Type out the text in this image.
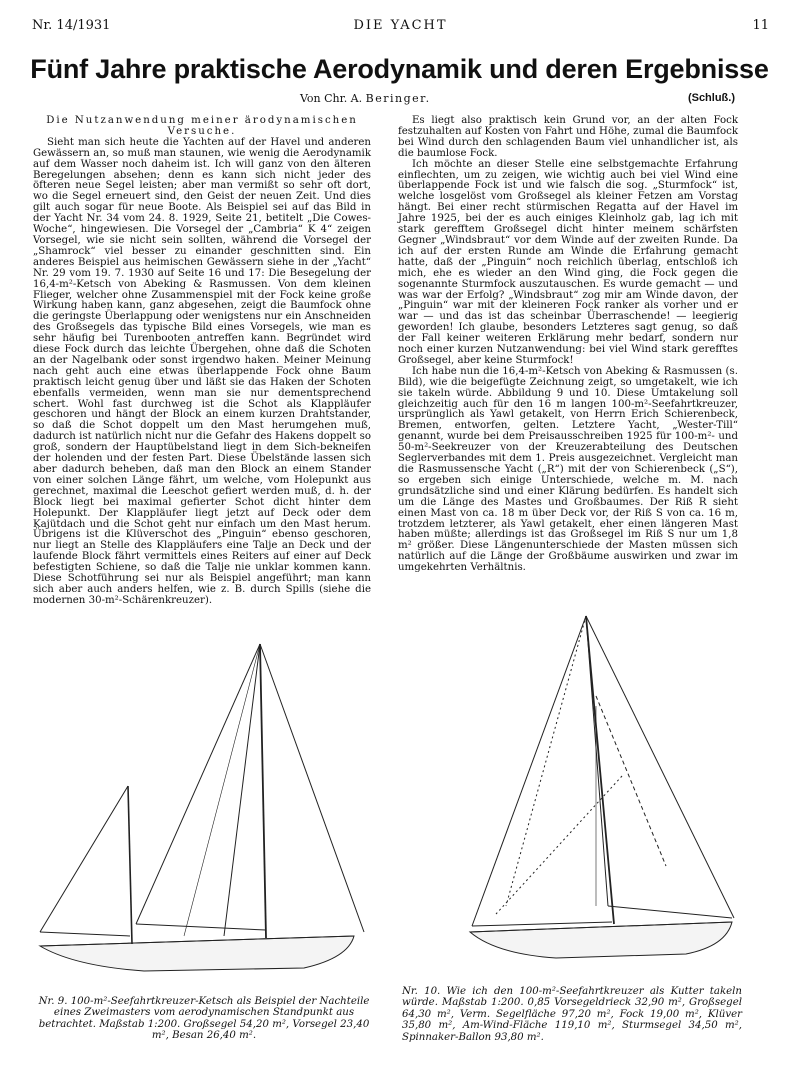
Nr. 14/1931	DIE YACHT	11
Fünf Jahre praktische Aerodynamik und deren Ergebnisse
Von Chr. A. Beringer.	(Schluß.)

Die Nutzanwendung meiner ärodynamischen Versuche.

Sieht man sich heute die Yachten auf der Havel und anderen Gewässern an, so muß man staunen, wie wenig die Aerodynamik auf dem Wasser noch daheim ist. Ich will ganz von den älteren Beregelungen absehen; denn es kann sich nicht jeder des öfteren neue Segel leisten; aber man vermißt so sehr oft dort, wo die Segel erneuert sind, den Geist der neuen Zeit. Und dies gilt auch sogar für neue Boote. Als Beispiel sei auf das Bild in der Yacht Nr. 34 vom 24. 8. 1929, Seite 21, betitelt „Die Cowes-Woche“, hingewiesen. Die Vorsegel der „Cambria“ K 4“ zeigen Vorsegel, wie sie nicht sein sollten, während die Vorsegel der „Shamrock“ viel besser zu einander geschnitten sind. Ein anderes Beispiel aus heimischen Gewässern siehe in der „Yacht“ Nr. 29 vom 19. 7. 1930 auf Seite 16 und 17: Die Besegelung der 16,4-m²-Ketsch von Abeking & Rasmussen. Von dem kleinen Flieger, welcher ohne Zusammenspiel mit der Fock keine große Wirkung haben kann, ganz abgesehen, zeigt die Baumfock ohne die geringste Überlappung oder wenigstens nur ein Anschneiden des Großsegels das typische Bild eines Vorsegels, wie man es sehr häufig bei Turenbooten antreffen kann. Begründet wird diese Fock durch das leichte Übergehen, ohne daß die Schoten an der Nagelbank oder sonst irgendwo haken. Meiner Meinung nach geht auch eine etwas überlappende Fock ohne Baum praktisch leicht genug über und läßt sie das Haken der Schoten ebenfalls vermeiden, wenn man sie nur dementsprechend schert. Wohl fast durchweg ist die Schot als Klappläufer geschoren und hängt der Block an einem kurzen Drahtstander, so daß die Schot doppelt um den Mast herumgehen muß, dadurch ist natürlich nicht nur die Gefahr des Hakens doppelt so groß, sondern der Hauptübelstand liegt in dem Sich-bekneifen der holenden und der festen Part. Diese Übelstände lassen sich aber dadurch beheben, daß man den Block an einem Stander von einer solchen Länge fährt, um welche, vom Holepunkt aus gerechnet, maximal die Leeschot gefiert werden muß, d. h. der Block liegt bei maximal gefierter Schot dicht hinter dem Holepunkt. Der Klappläufer liegt jetzt auf Deck oder dem Kajütdach und die Schot geht nur einfach um den Mast herum. Übrigens ist die Klüverschot des „Pinguin“ ebenso geschoren, nur liegt an Stelle des Klappläufers eine Talje an Deck und der laufende Block fährt vermittels eines Reiters auf einer auf Deck befestigten Schiene, so daß die Talje nie unklar kommen kann. Diese Schotführung sei nur als Beispiel angeführt; man kann sich aber auch anders helfen, wie z. B. durch Spills (siehe die modernen 30-m²-Schärenkreuzer).

Es liegt also praktisch kein Grund vor, an der alten Fock festzuhalten auf Kosten von Fahrt und Höhe, zumal die Baumfock bei Wind durch den schlagenden Baum viel unhandlicher ist, als die baumlose Fock.

Ich möchte an dieser Stelle eine selbstgemachte Erfahrung einflechten, um zu zeigen, wie wichtig auch bei viel Wind eine überlappende Fock ist und wie falsch die sog. „Sturmfock“ ist, welche losgelöst vom Großsegel als kleiner Fetzen am Vorstag hängt. Bei einer recht stürmischen Regatta auf der Havel im Jahre 1925, bei der es auch einiges Kleinholz gab, lag ich mit stark gerefftem Großsegel dicht hinter meinem schärfsten Gegner „Windsbraut“ vor dem Winde auf der zweiten Runde. Da ich auf der ersten Runde am Winde die Erfahrung gemacht hatte, daß der „Pinguin“ noch reichlich überlag, entschloß ich mich, ehe es wieder an den Wind ging, die Fock gegen die sogenannte Sturmfock auszutauschen. Es wurde gemacht — und was war der Erfolg? „Windsbraut“ zog mir am Winde davon, der „Pinguin“ war mit der kleineren Fock ranker als vorher und er war — und das ist das scheinbar Überraschende! — leegierig geworden! Ich glaube, besonders Letzteres sagt genug, so daß der Fall keiner weiteren Erklärung mehr bedarf, sondern nur noch einer kurzen Nutzanwendung: bei viel Wind stark gerefftes Großsegel, aber keine Sturmfock!

Ich habe nun die 16,4-m²-Ketsch von Abeking & Rasmussen (s. Bild), wie die beigefügte Zeichnung zeigt, so umgetakelt, wie ich sie takeln würde. Abbildung 9 und 10. Diese Umtakelung soll gleichzeitig auch für den 16 m langen 100-m²-Seefahrtkreuzer, ursprünglich als Yawl getakelt, von Herrn Erich Schierenbeck, Bremen, entworfen, gelten. Letztere Yacht, „Wester-Till“ genannt, wurde bei dem Preisausschreiben 1925 für 100-m²- und 50-m²-Seekreuzer von der Kreuzerabteilung des Deutschen Seglerverbandes mit dem 1. Preis ausgezeichnet. Vergleicht man die Rasmussensche Yacht („R“) mit der von Schierenbeck („S“), so ergeben sich einige Unterschiede, welche m. M. nach grundsätzliche sind und einer Klärung bedürfen. Es handelt sich um die Länge des Mastes und Großbaumes. Der Riß R sieht einen Mast von ca. 18 m über Deck vor, der Riß S von ca. 16 m, trotzdem letzterer, als Yawl getakelt, eher einen längeren Mast haben müßte; allerdings ist das Großsegel im Riß S nur um 1,8 m² größer. Diese Längenunterschiede der Masten müssen sich natürlich auf die Länge der Großbäume auswirken und zwar im umgekehrten Verhältnis.

Nr. 9. 100-m²-Seefahrtkreuzer-Ketsch als Beispiel der Nachteile eines Zweimasters vom aerodynamischen Standpunkt aus betrachtet. Maßstab 1:200. Großsegel 54,20 m², Vorsegel 23,40 m², Besan 26,40 m².
Nr. 10. Wie ich den 100-m²-Seefahrtkreuzer als Kutter takeln würde. Maßstab 1:200. 0,85 Vorsegeldrieck 32,90 m², Großsegel 64,30 m², Verm. Segelfläche 97,20 m², Fock 19,00 m², Klüver 35,80 m², Am-Wind-Fläche 119,10 m², Sturmsegel 34,50 m², Spinnaker-Ballon 93,80 m².
